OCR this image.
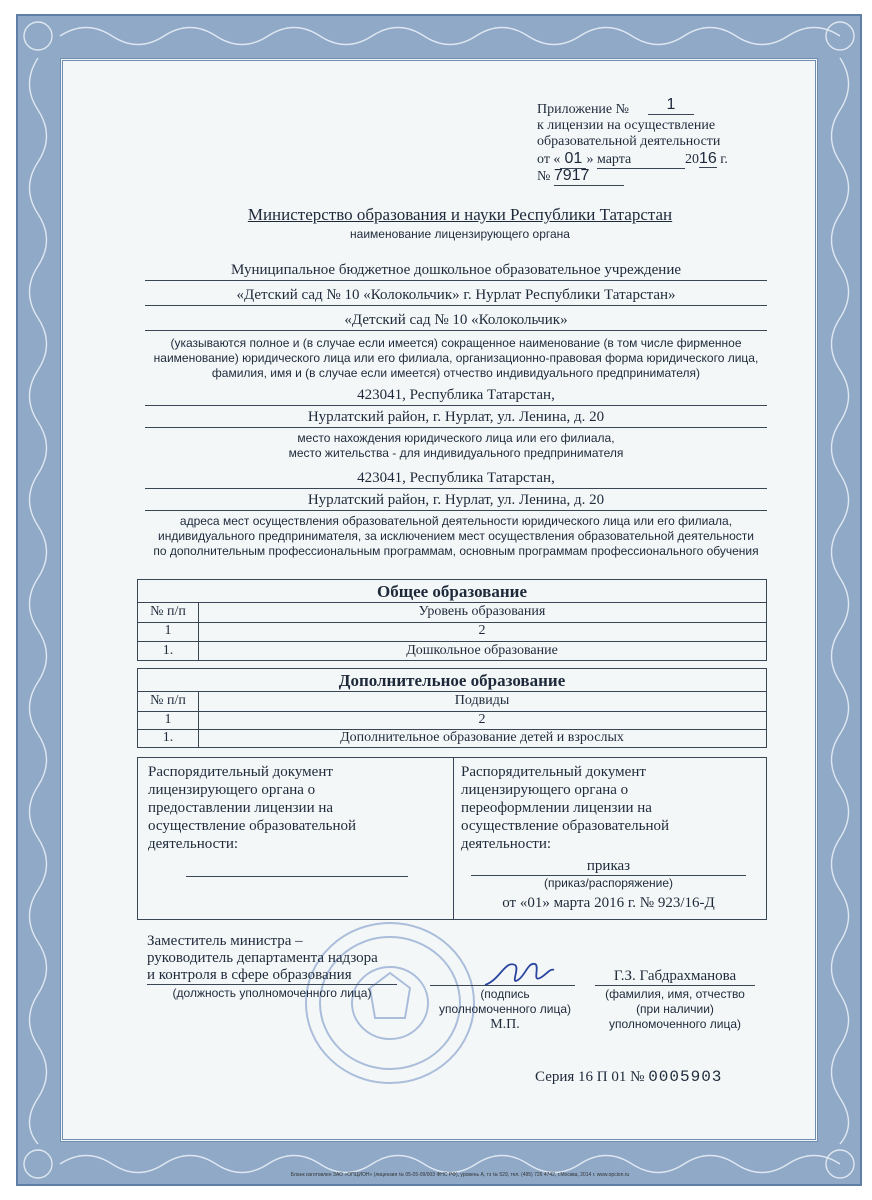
Приложение №	1
к лицензии на осуществление
образовательной деятельности
от « 01 » марта	2016 г.
№ 7917
Министерство образования и науки Республики Татарстан
наименование лицензирующего органа
Муниципальное бюджетное дошкольное образовательное учреждение
«Детский сад № 10 «Колокольчик» г. Нурлат Республики Татарстан»
«Детский сад № 10 «Колокольчик»
(указываются полное и (в случае если имеется) сокращенное наименование (в том числе фирменное наименование) юридического лица или его филиала, организационно-правовая форма юридического лица, фамилия, имя и (в случае если имеется) отчество индивидуального предпринимателя)
423041, Республика Татарстан,
Нурлатский район, г. Нурлат, ул. Ленина, д. 20
место нахождения юридического лица или его филиала,
место жительства - для индивидуального предпринимателя
423041, Республика Татарстан,
Нурлатский район, г. Нурлат, ул. Ленина, д. 20
адреса мест осуществления образовательной деятельности юридического лица или его филиала, индивидуального предпринимателя, за исключением мест осуществления образовательной деятельности по дополнительным профессиональным программам, основным программам профессионального обучения
Общее образование
№ п/п	Уровень образования
1	2
1.	Дошкольное образование
Дополнительное образование
№ п/п	Подвиды
1	2
1.	Дополнительное образование детей и взрослых
Распорядительный документ лицензирующего органа о предоставлении лицензии на осуществление образовательной деятельности:
Распорядительный документ лицензирующего органа о переоформлении лицензии на осуществление образовательной деятельности:
приказ
(приказ/распоряжение)
от «01» марта 2016 г. № 923/16-Д
Заместитель министра –
руководитель департамента надзора
и контроля в сфере образования
(должность уполномоченного лица)	(подпись
уполномоченного лица)
М.П.
Г.З. Габдрахманова
(фамилия, имя, отчество
(при наличии)
уполномоченного лица)
Серия 16 П 01 № 0005903
Бланк изготовлен ЗАО «ОПЦИОН» (лицензия № 05-05-09/003 ФНС РФ), уровень А, тз № 529, тел. (495) 726 4742, г.Москва, 2014 г. www.opcion.ru
